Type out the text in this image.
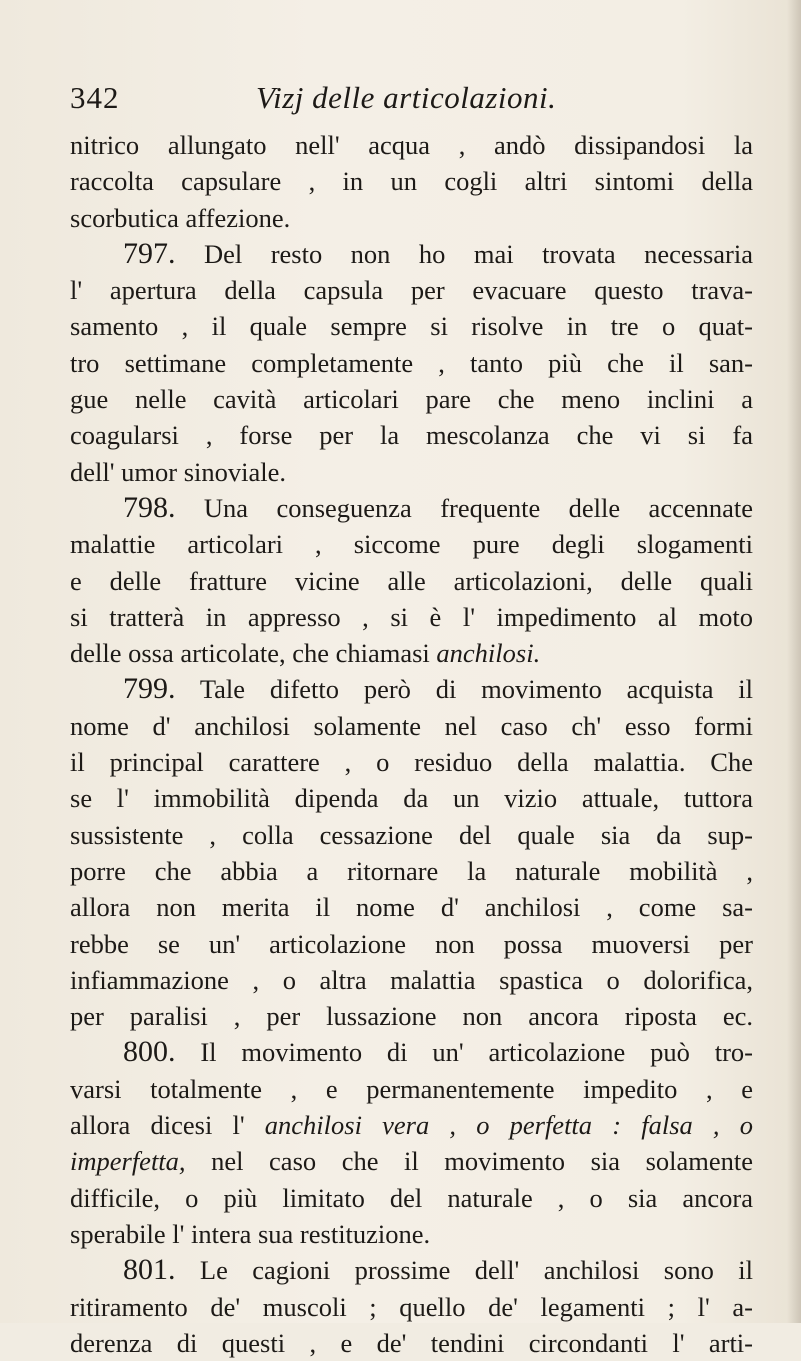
342	Vizj delle articolazioni.
nitrico allungato nell' acqua , andò dissipandosi la
raccolta capsulare , in un cogli altri sintomi della
scorbutica affezione.
797. Del resto non ho mai trovata necessaria
l' apertura della capsula per evacuare questo trava-
samento , il quale sempre si risolve in tre o quat-
tro settimane completamente , tanto più che il san-
gue nelle cavità articolari pare che meno inclini a
coagularsi , forse per la mescolanza che vi si fa
dell' umor sinoviale.
798. Una conseguenza frequente delle accennate
malattie articolari , siccome pure degli slogamenti
e delle fratture vicine alle articolazioni, delle quali
si tratterà in appresso , si è l' impedimento al moto
delle ossa articolate, che chiamasi anchilosi.
799. Tale difetto però di movimento acquista il
nome d' anchilosi solamente nel caso ch' esso formi
il principal carattere , o residuo della malattia. Che
se l' immobilità dipenda da un vizio attuale, tuttora
sussistente , colla cessazione del quale sia da sup-
porre che abbia a ritornare la naturale mobilità ,
allora non merita il nome d' anchilosi , come sa-
rebbe se un' articolazione non possa muoversi per
infiammazione , o altra malattia spastica o dolorifica,
per paralisi , per lussazione non ancora riposta ec.
800. Il movimento di un' articolazione può tro-
varsi totalmente , e permanentemente impedito , e
allora dicesi l' anchilosi vera , o perfetta : falsa , o
imperfetta, nel caso che il movimento sia solamente
difficile, o più limitato del naturale , o sia ancora
sperabile l' intera sua restituzione.
801. Le cagioni prossime dell' anchilosi sono il
ritiramento de' muscoli ; quello de' legamenti ; l' a-
derenza di questi , e de' tendini circondanti l' arti-
